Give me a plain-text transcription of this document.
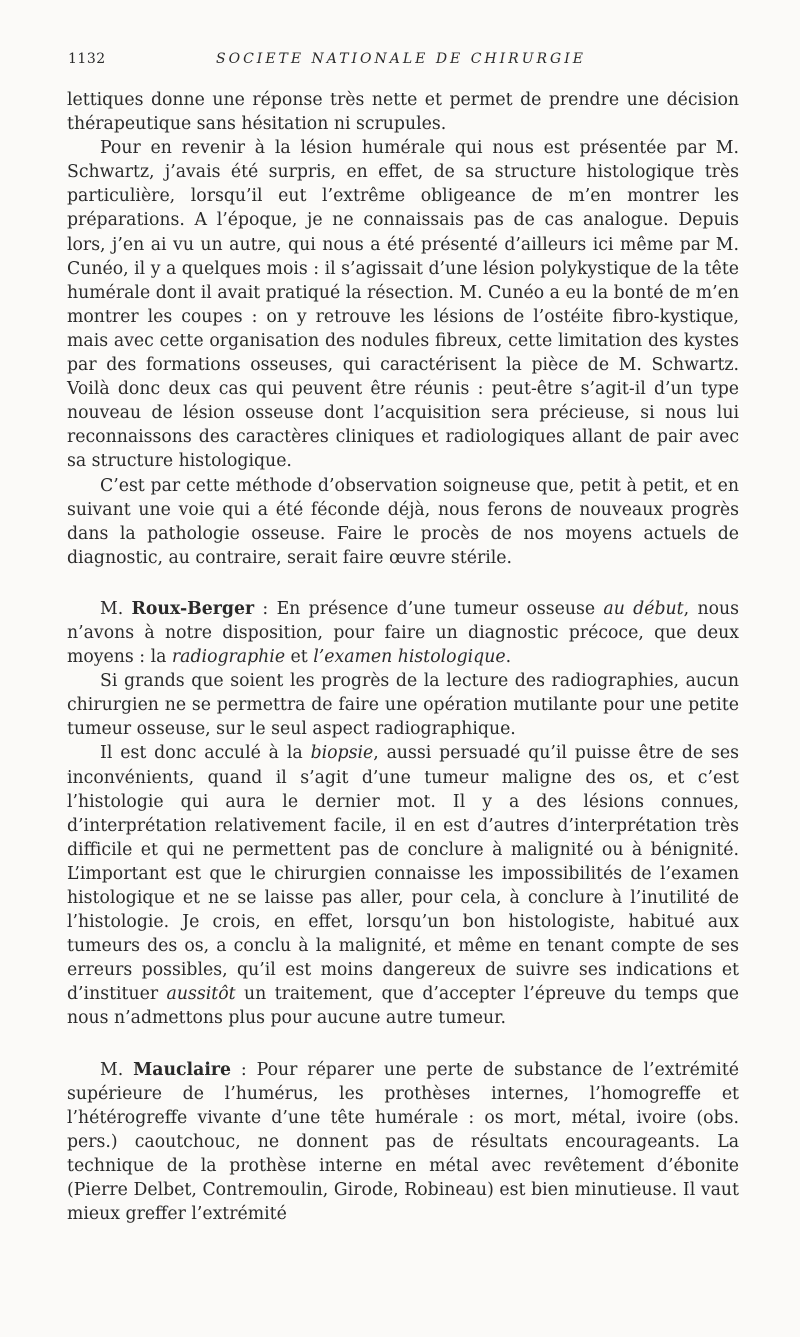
1132	SOCIETE NATIONALE DE CHIRURGIE

lettiques donne une réponse très nette et permet de prendre une décision thérapeutique sans hésitation ni scrupules.

Pour en revenir à la lésion humérale qui nous est présentée par M. Schwartz, j’avais été surpris, en effet, de sa structure histologique très particulière, lorsqu’il eut l’extrême obligeance de m’en montrer les préparations. A l’époque, je ne connaissais pas de cas analogue. Depuis lors, j’en ai vu un autre, qui nous a été présenté d’ailleurs ici même par M. Cunéo, il y a quelques mois : il s’agissait d’une lésion polykystique de la tête humérale dont il avait pratiqué la résection. M. Cunéo a eu la bonté de m’en montrer les coupes : on y retrouve les lésions de l’ostéite fibro-kystique, mais avec cette organisation des nodules fibreux, cette limitation des kystes par des formations osseuses, qui caractérisent la pièce de M. Schwartz. Voilà donc deux cas qui peuvent être réunis : peut-être s’agit-il d’un type nouveau de lésion osseuse dont l’acquisition sera précieuse, si nous lui reconnaissons des caractères cliniques et radiologiques allant de pair avec sa structure histologique.

C’est par cette méthode d’observation soigneuse que, petit à petit, et en suivant une voie qui a été féconde déjà, nous ferons de nouveaux progrès dans la pathologie osseuse. Faire le procès de nos moyens actuels de diagnostic, au contraire, serait faire œuvre stérile.

M. Roux-Berger : En présence d’une tumeur osseuse au début, nous n’avons à notre disposition, pour faire un diagnostic précoce, que deux moyens : la radiographie et l’examen histologique.

Si grands que soient les progrès de la lecture des radiographies, aucun chirurgien ne se permettra de faire une opération mutilante pour une petite tumeur osseuse, sur le seul aspect radiographique.

Il est donc acculé à la biopsie, aussi persuadé qu’il puisse être de ses inconvénients, quand il s’agit d’une tumeur maligne des os, et c’est l’histologie qui aura le dernier mot. Il y a des lésions connues, d’interprétation relativement facile, il en est d’autres d’interprétation très difficile et qui ne permettent pas de conclure à malignité ou à bénignité. L’important est que le chirurgien connaisse les impossibilités de l’examen histologique et ne se laisse pas aller, pour cela, à conclure à l’inutilité de l’histologie. Je crois, en effet, lorsqu’un bon histologiste, habitué aux tumeurs des os, a conclu à la malignité, et même en tenant compte de ses erreurs possibles, qu’il est moins dangereux de suivre ses indications et d’instituer aussitôt un traitement, que d’accepter l’épreuve du temps que nous n’admettons plus pour aucune autre tumeur.

M. Mauclaire : Pour réparer une perte de substance de l’extrémité supérieure de l’humérus, les prothèses internes, l’homogreffe et l’hétérogreffe vivante d’une tête humérale : os mort, métal, ivoire (obs. pers.) caoutchouc, ne donnent pas de résultats encourageants. La technique de la prothèse interne en métal avec revêtement d’ébonite (Pierre Delbet, Contremoulin, Girode, Robineau) est bien minutieuse. Il vaut mieux greffer l’extrémité
